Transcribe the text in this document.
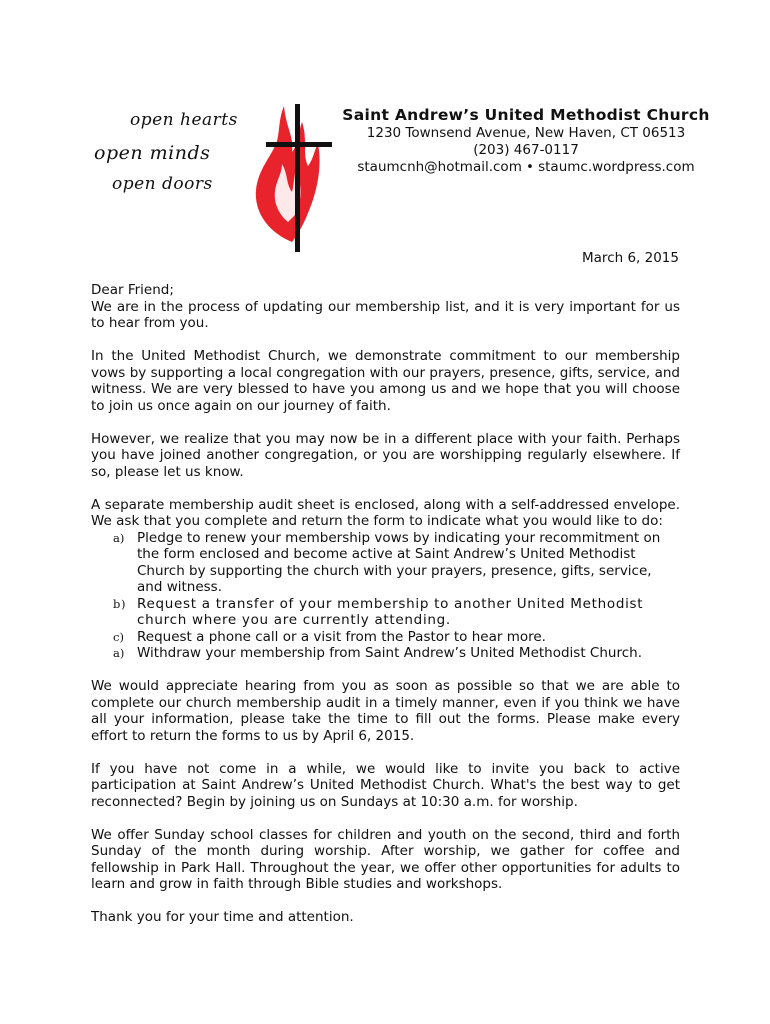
open hearts
open minds
open doors
Saint Andrew’s United Methodist Church
1230 Townsend Avenue, New Haven, CT 06513
(203) 467-0117
staumcnh@hotmail.com • staumc.wordpress.com
March 6, 2015

Dear Friend;

We are in the process of updating our membership list, and it is very important for us to hear from you.

In the United Methodist Church, we demonstrate commitment to our membership vows by supporting a local congregation with our prayers, presence, gifts, service, and witness. We are very blessed to have you among us and we hope that you will choose to join us once again on our journey of faith.

However, we realize that you may now be in a different place with your faith. Perhaps you have joined another congregation, or you are worshipping regularly elsewhere. If so, please let us know.

A separate membership audit sheet is enclosed, along with a self-addressed envelope. We ask that you complete and return the form to indicate what you would like to do:

a) Pledge to renew your membership vows by indicating your recommitment on the form enclosed and become active at Saint Andrew’s United Methodist Church by supporting the church with your prayers, presence, gifts, service, and witness.
b) Request a transfer of your membership to another United Methodist church where you are currently attending.
c) Request a phone call or a visit from the Pastor to hear more.
a) Withdraw your membership from Saint Andrew’s United Methodist Church.

We would appreciate hearing from you as soon as possible so that we are able to complete our church membership audit in a timely manner, even if you think we have all your information, please take the time to fill out the forms. Please make every effort to return the forms to us by April 6, 2015.

If you have not come in a while, we would like to invite you back to active participation at Saint Andrew’s United Methodist Church. What's the best way to get reconnected? Begin by joining us on Sundays at 10:30 a.m. for worship.

We offer Sunday school classes for children and youth on the second, third and forth Sunday of the month during worship. After worship, we gather for coffee and fellowship in Park Hall. Throughout the year, we offer other opportunities for adults to learn and grow in faith through Bible studies and workshops.

Thank you for your time and attention.
